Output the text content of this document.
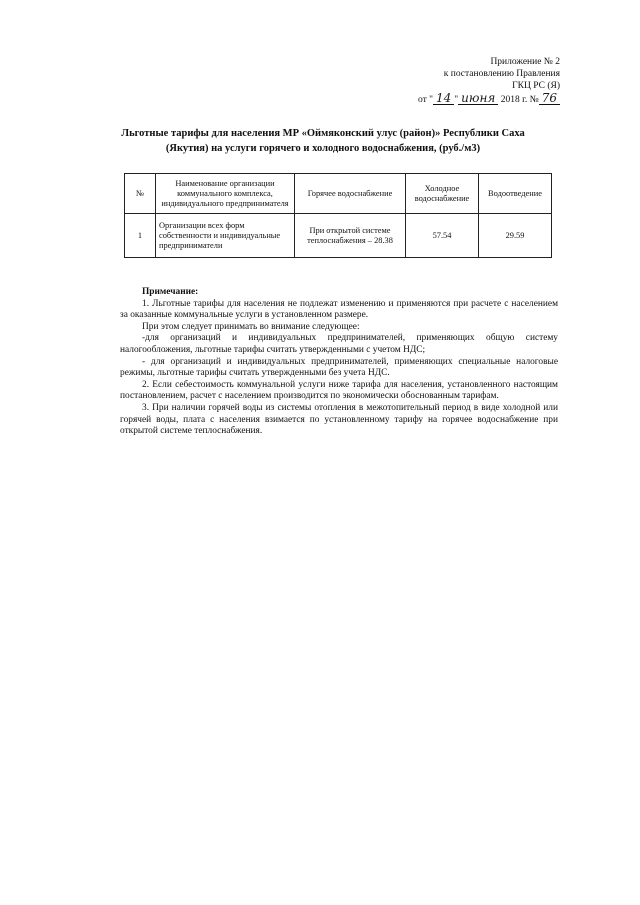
Приложение № 2
к постановлению Правления
ГКЦ РС (Я)
от " 14 " июня 2018 г. № 76
Льготные тарифы для населения МР «Оймяконский улус (район)» Республики Саха (Якутия) на услуги горячего и холодного водоснабжения, (руб./м3)
№	Наименование организации коммунального комплекса, индивидуального предпринимателя	Горячее водоснабжение	Холодное водоснабжение	Водоотведение
1	Организации всех форм собственности и индивидуальные предприниматели	При открытой системе теплоснабжения – 28.38	57.54	29.59
Примечание:

1. Льготные тарифы для населения не подлежат изменению и применяются при расчете с населением за оказанные коммунальные услуги в установленном размере.

При этом следует принимать во внимание следующее:

-для организаций и индивидуальных предпринимателей, применяющих общую систему налогообложения, льготные тарифы считать утвержденными с учетом НДС;

- для организаций и индивидуальных предпринимателей, применяющих специальные налоговые режимы, льготные тарифы считать утвержденными без учета НДС.

2. Если себестоимость коммунальной услуги ниже тарифа для населения, установленного настоящим постановлением, расчет с населением производится по экономически обоснованным тарифам.

3. При наличии горячей воды из системы отопления в межотопительный период в виде холодной или горячей воды, плата с населения взимается по установленному тарифу на горячее водоснабжение при открытой системе теплоснабжения.
